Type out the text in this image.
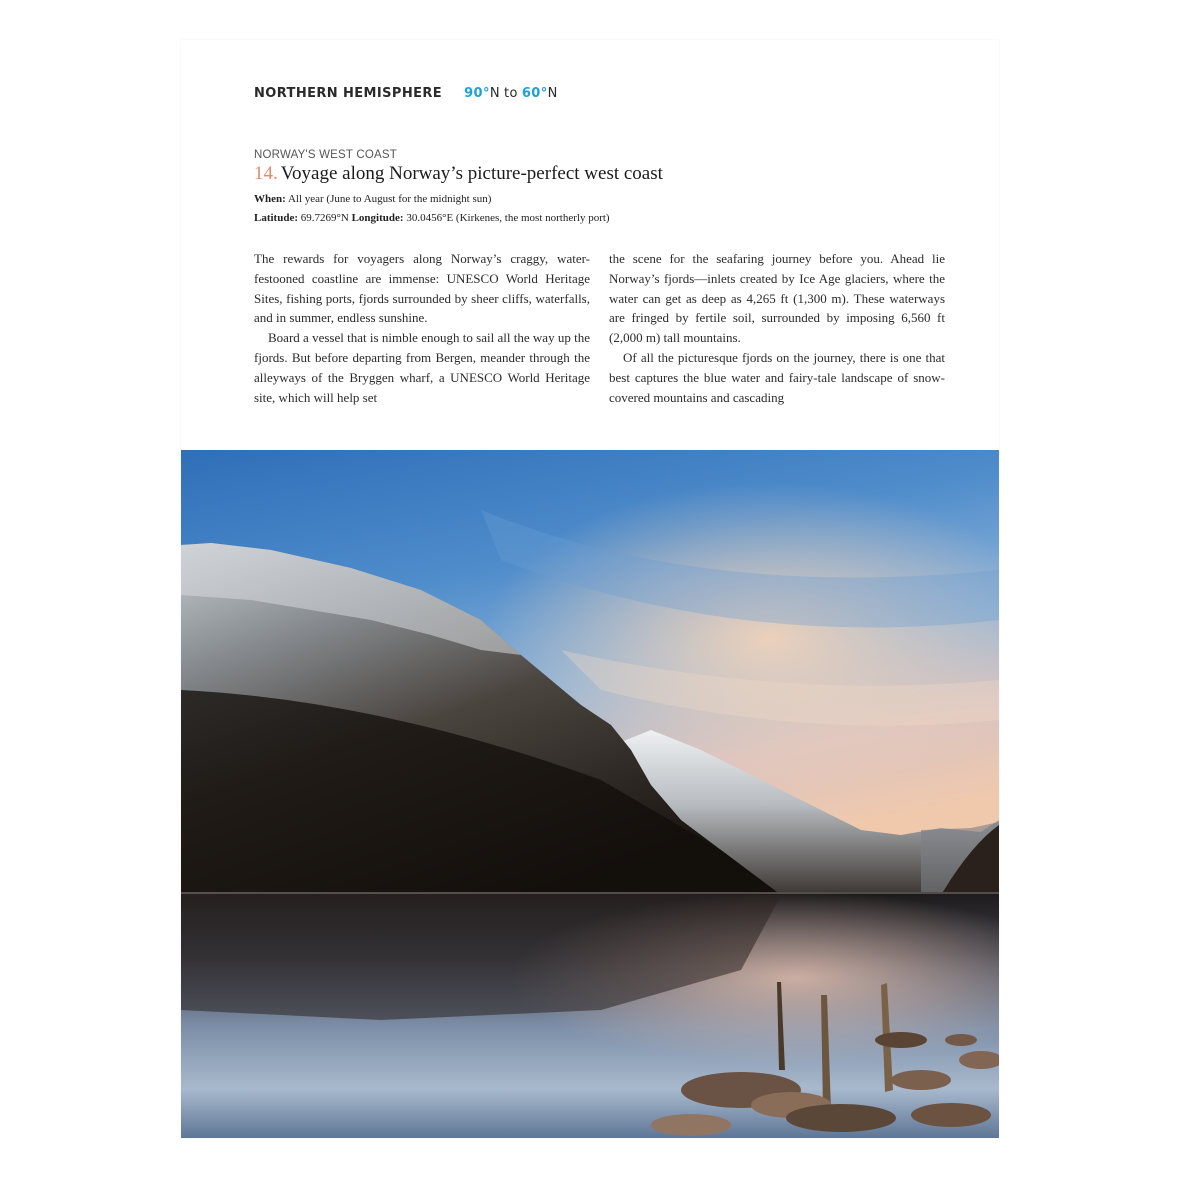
NORTHERN HEMISPHERE 90°N to 60°N
NORWAY'S WEST COAST
14. Voyage along Norway’s picture-perfect west coast
When: All year (June to August for the midnight sun)
Latitude: 69.7269°N Longitude: 30.0456°E (Kirkenes, the most northerly port)

The rewards for voyagers along Norway’s craggy, water-festooned coastline are immense: UNESCO World Heritage Sites, fishing ports, fjords surrounded by sheer cliffs, waterfalls, and in summer, endless sunshine.

Board a vessel that is nimble enough to sail all the way up the fjords. But before departing from Bergen, meander through the alleyways of the Bryggen wharf, a UNESCO World Heritage site, which will help set

the scene for the seafaring journey before you. Ahead lie Norway’s fjords—inlets created by Ice Age glaciers, where the water can get as deep as 4,265 ft (1,300 m). These waterways are fringed by fertile soil, surrounded by imposing 6,560 ft (2,000 m) tall mountains.

Of all the picturesque fjords on the journey, there is one that best captures the blue water and fairy-tale landscape of snow-covered mountains and cascading
